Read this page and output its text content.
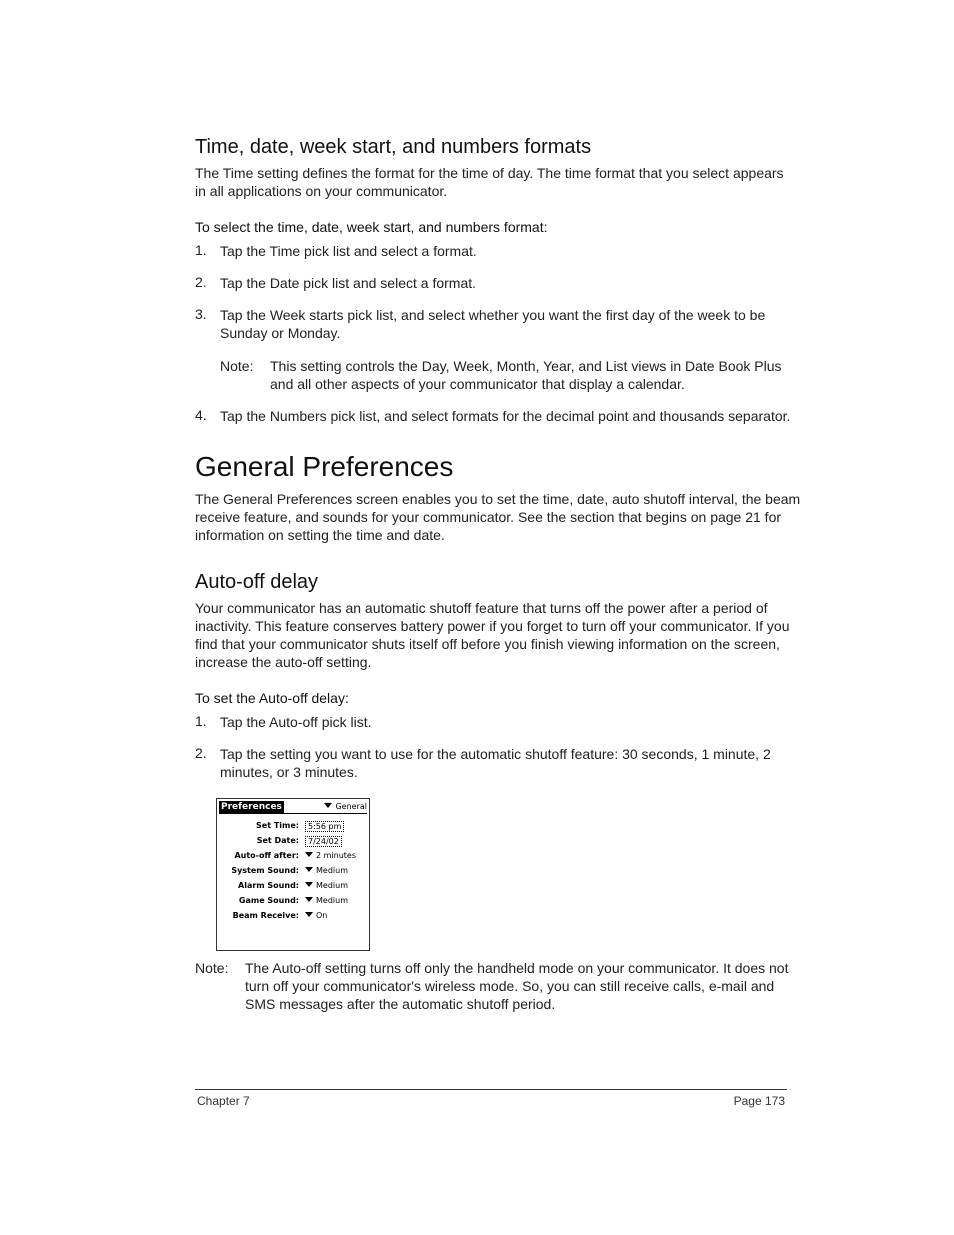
Time, date, week start, and numbers formats
The Time setting defines the format for the time of day. The time format that you select appears
in all applications on your communicator.
To select the time, date, week start, and numbers format:
1. Tap the Time pick list and select a format.
2. Tap the Date pick list and select a format.
3. Tap the Week starts pick list, and select whether you want the first day of the week to be
Sunday or Monday.
Note: This setting controls the Day, Week, Month, Year, and List views in Date Book Plus
and all other aspects of your communicator that display a calendar.
4. Tap the Numbers pick list, and select formats for the decimal point and thousands separator.
General Preferences
The General Preferences screen enables you to set the time, date, auto shutoff interval, the beam
receive feature, and sounds for your communicator. See the section that begins on page 21 for
information on setting the time and date.
Auto-off delay
Your communicator has an automatic shutoff feature that turns off the power after a period of
inactivity. This feature conserves battery power if you forget to turn off your communicator. If you
find that your communicator shuts itself off before you finish viewing information on the screen,
increase the auto-off setting.
To set the Auto-off delay:
1. Tap the Auto-off pick list.
2. Tap the setting you want to use for the automatic shutoff feature: 30 seconds, 1 minute, 2
minutes, or 3 minutes.
Preferences	General
Set Time:	5:56 pm
Set Date:	7/24/02
Auto-off after:	2 minutes
System Sound:	Medium
Alarm Sound:	Medium
Game Sound:	Medium
Beam Receive:	On
Note: The Auto-off setting turns off only the handheld mode on your communicator. It does not
turn off your communicator's wireless mode. So, you can still receive calls, e-mail and
SMS messages after the automatic shutoff period.
Chapter 7	Page 173
